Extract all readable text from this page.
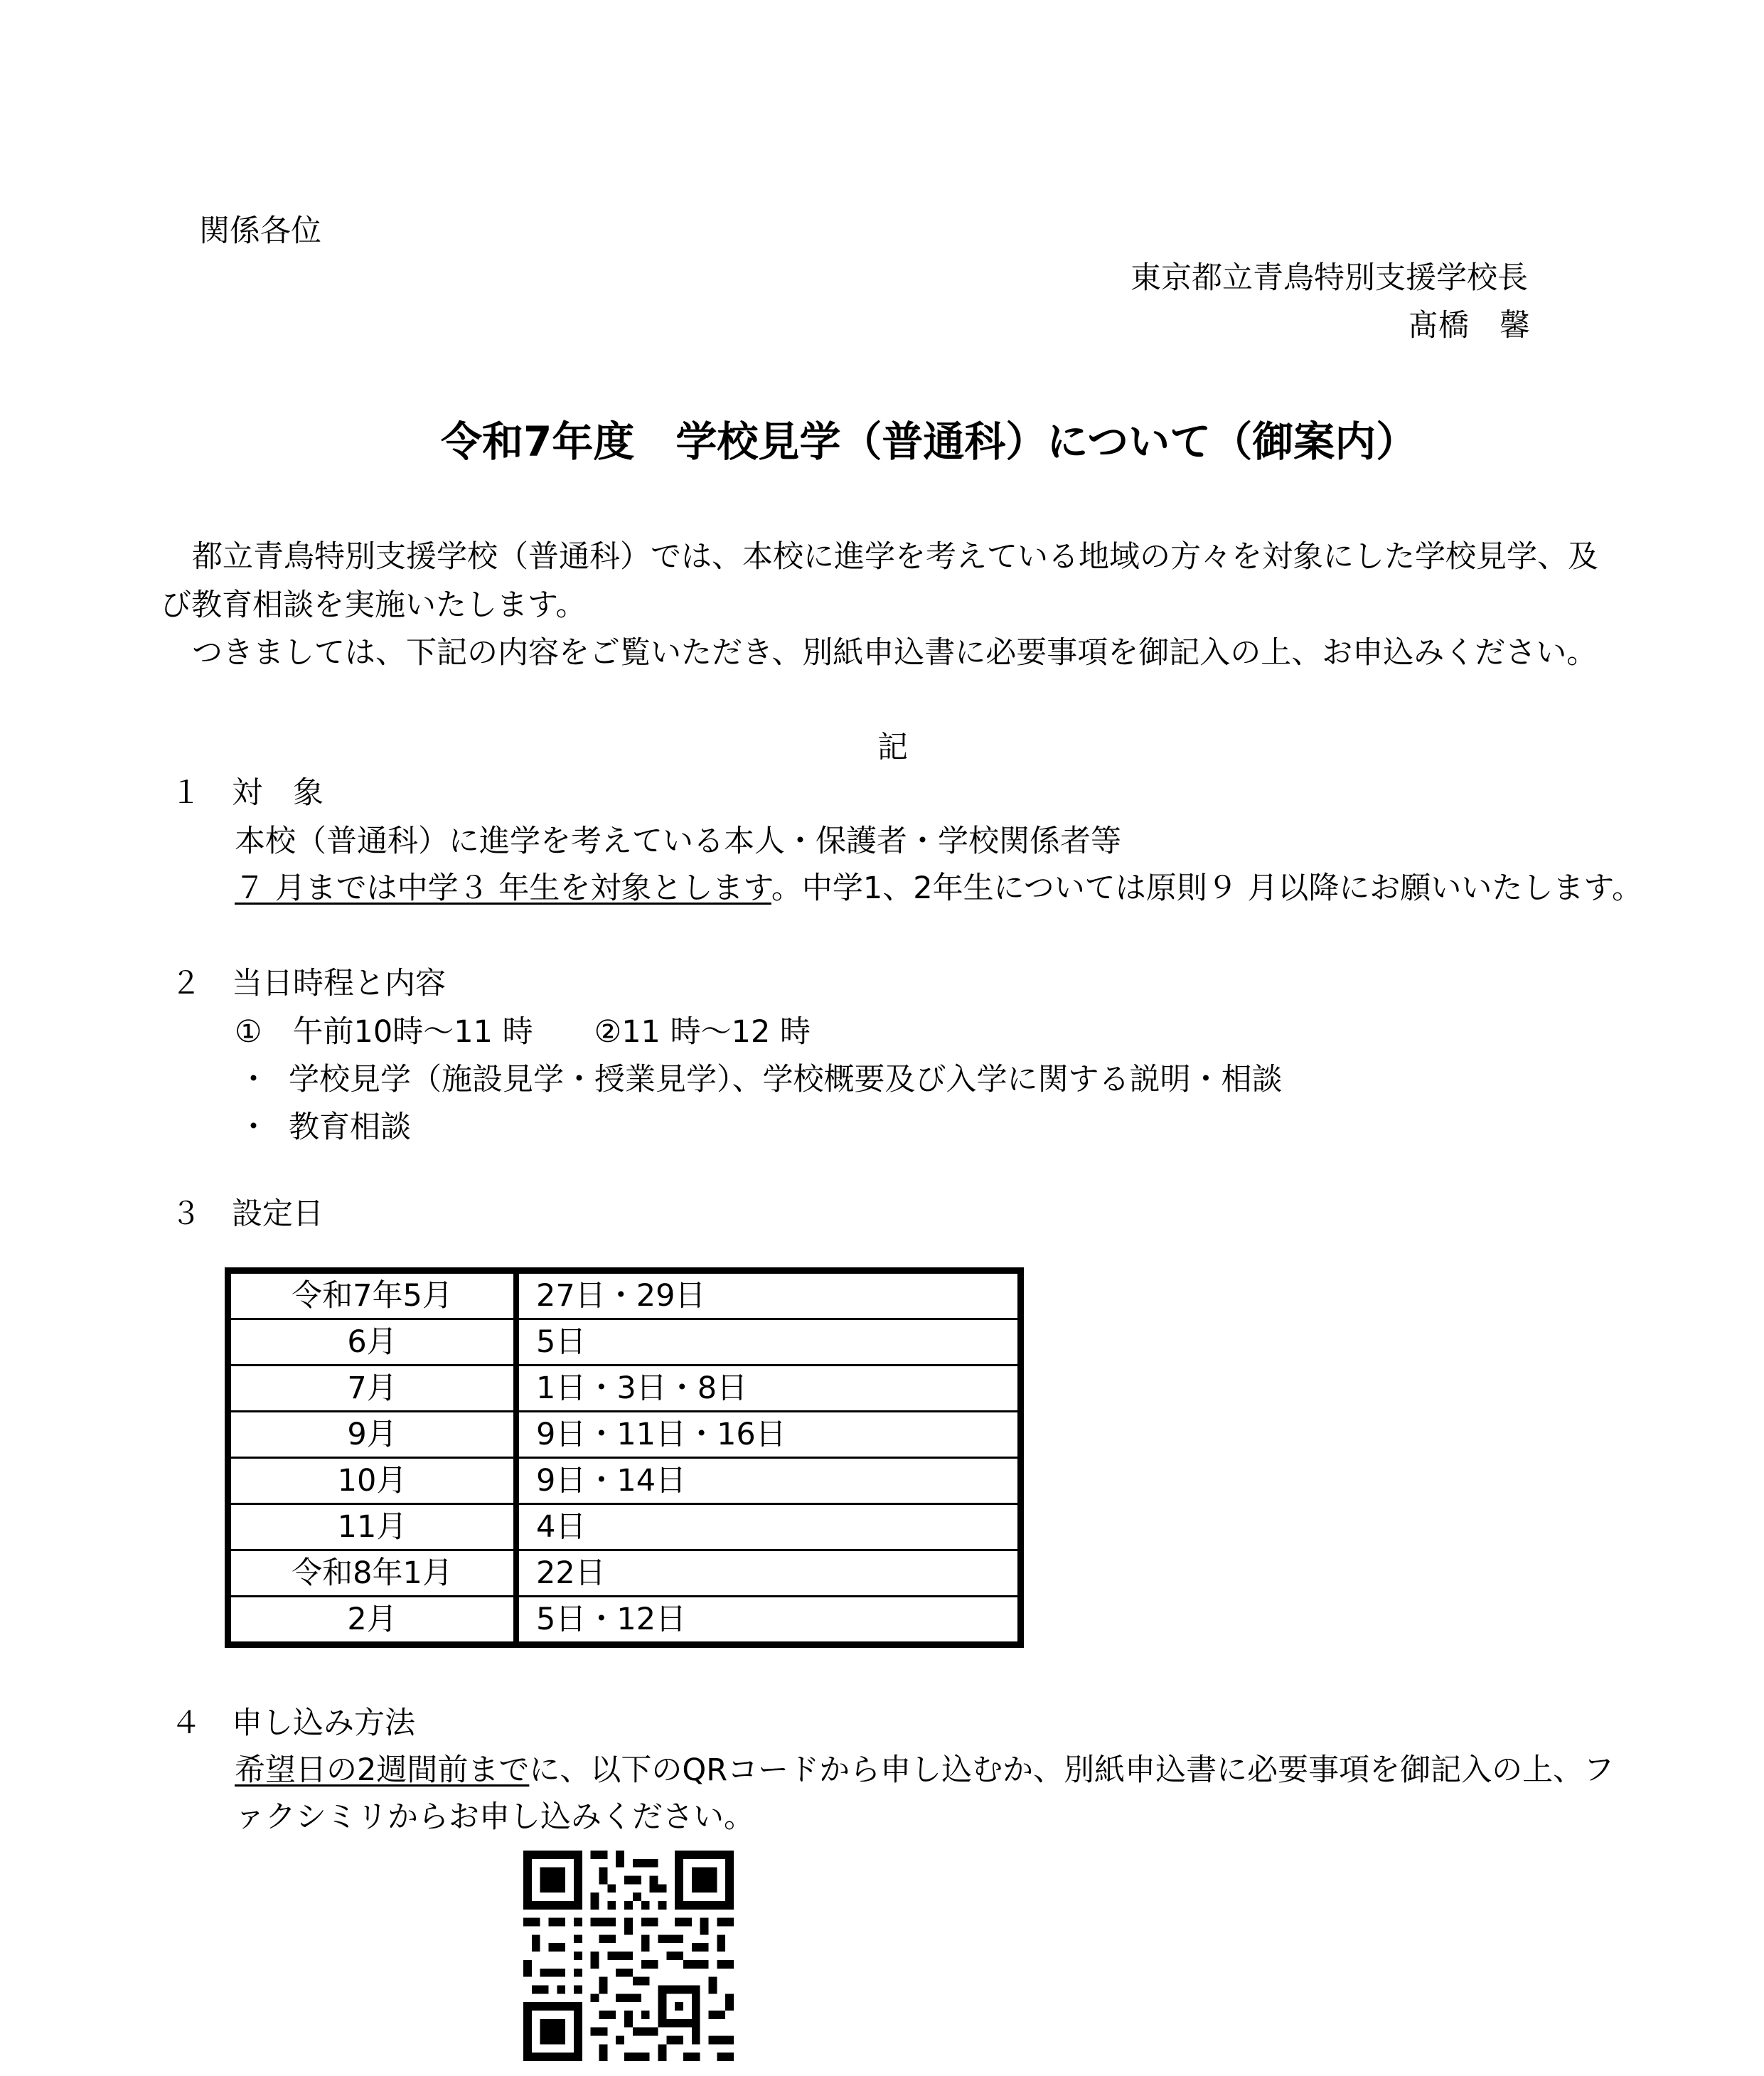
関係各位
東京都立青鳥特別支援学校長
髙橋　馨
令和7年度　学校見学（普通科）について（御案内）
都立青鳥特別支援学校（普通科）では、本校に進学を考えている地域の方々を対象にした学校見学、及
び教育相談を実施いたします。
つきましては、下記の内容をご覧いただき、別紙申込書に必要事項を御記入の上、お申込みください。
記
１　対　象
本校（普通科）に進学を考えている本人・保護者・学校関係者等
７ 月までは中学３ 年生を対象とします。中学1、2年生については原則９ 月以降にお願いいたします。
２　当日時程と内容
①　午前10時～11 時　　②11 時～12 時
・ 学校見学（施設見学・授業見学）、学校概要及び入学に関する説明・相談
・ 教育相談
３　設定日
令和7年5月	27日・29日
6月	5日
7月	1日・3日・8日
9月	9日・11日・16日
10月	9日・14日
11月	4日
令和8年1月	22日
2月	5日・12日
４　申し込み方法
希望日の2週間前までに、以下のQRコードから申し込むか、別紙申込書に必要事項を御記入の上、フ
ァクシミリからお申し込みください。
